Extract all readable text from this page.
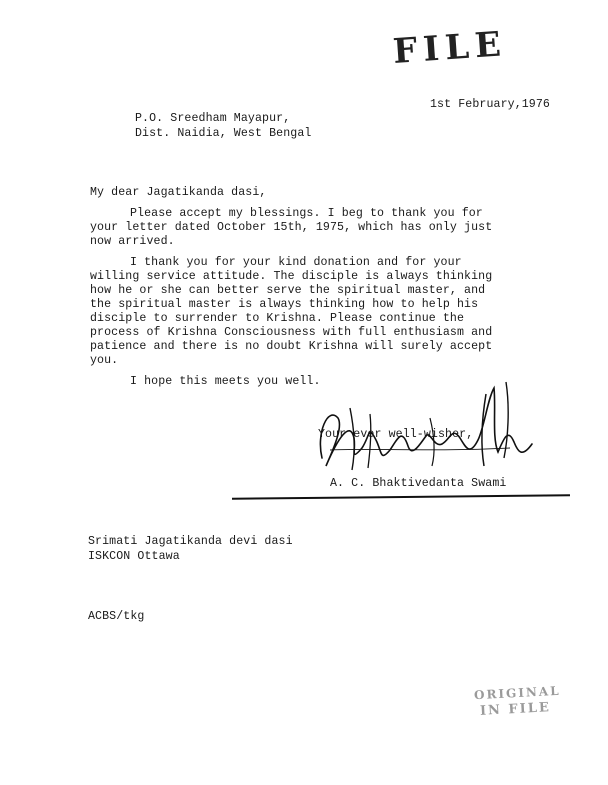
FILE
P.O. Sreedham Mayapur,
Dist. Naidia, West Bengal
1st February,1976
My dear Jagatikanda dasi,
Please accept my blessings. I beg to thank you for
your letter dated October 15th, 1975, which has only just
now arrived.
I thank you for your kind donation and for your
willing service attitude. The disciple is always thinking
how he or she can better serve the spiritual master, and
the spiritual master is always thinking how to help his
disciple to surrender to Krishna. Please continue the
process of Krishna Consciousness with full enthusiasm and
patience and there is no doubt Krishna will surely accept
you.
I hope this meets you well.
Your ever well-wisher,
A. C. Bhaktivedanta Swami
Srimati Jagatikanda devi dasi
ISKCON Ottawa
ACBS/tkg
ORIGINAL
IN FILE
